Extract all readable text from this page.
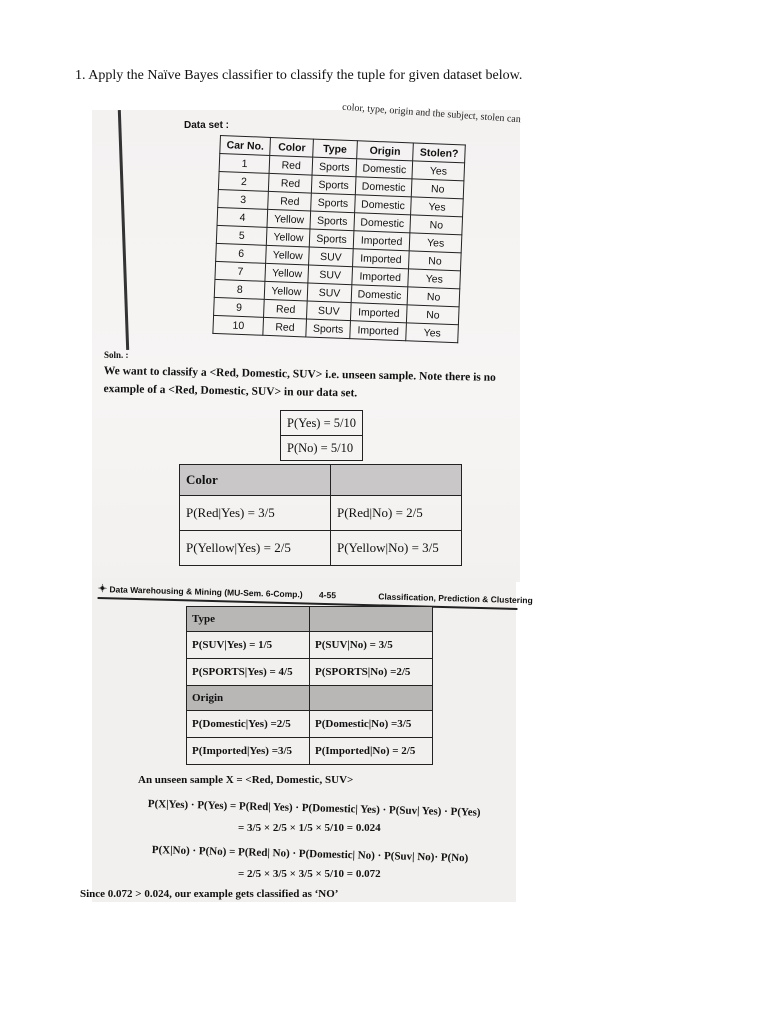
1. Apply the Naïve Bayes classifier to classify the tuple for given dataset below.
color, type, origin and the subject, stolen can
Data set :
Car No.	Color	Type	Origin	Stolen?
1	Red	Sports	Domestic	Yes
2	Red	Sports	Domestic	No
3	Red	Sports	Domestic	Yes
4	Yellow	Sports	Domestic	No
5	Yellow	Sports	Imported	Yes
6	Yellow	SUV	Imported	No
7	Yellow	SUV	Imported	Yes
8	Yellow	SUV	Domestic	No
9	Red	SUV	Imported	No
10	Red	Sports	Imported	Yes
Soln. :
We want to classify a <Red, Domestic, SUV> i.e. unseen sample. Note there is no
example of a <Red, Domestic, SUV> in our data set.
P(Yes) = 5/10
P(No) = 5/10
Color	
P(Red|Yes) = 3/5	P(Red|No) = 2/5
P(Yellow|Yes) = 2/5	P(Yellow|No) = 3/5
✦ Data Warehousing & Mining (MU-Sem. 6-Comp.) 4-55	Classification, Prediction & Clustering
Type	
P(SUV|Yes) = 1/5	P(SUV|No) = 3/5
P(SPORTS|Yes) = 4/5	P(SPORTS|No) =2/5
Origin	
P(Domestic|Yes) =2/5	P(Domestic|No) =3/5
P(Imported|Yes) =3/5	P(Imported|No) = 2/5
An unseen sample X = <Red, Domestic, SUV>
P(X|Yes) · P(Yes) = P(Red| Yes) · P(Domestic| Yes) · P(Suv| Yes) · P(Yes)
= 3/5 × 2/5 × 1/5 × 5/10 = 0.024
P(X|No) · P(No) = P(Red| No) · P(Domestic| No) · P(Suv| No)· P(No)
= 2/5 × 3/5 × 3/5 × 5/10 = 0.072
Since 0.072 > 0.024, our example gets classified as ‘NO’
